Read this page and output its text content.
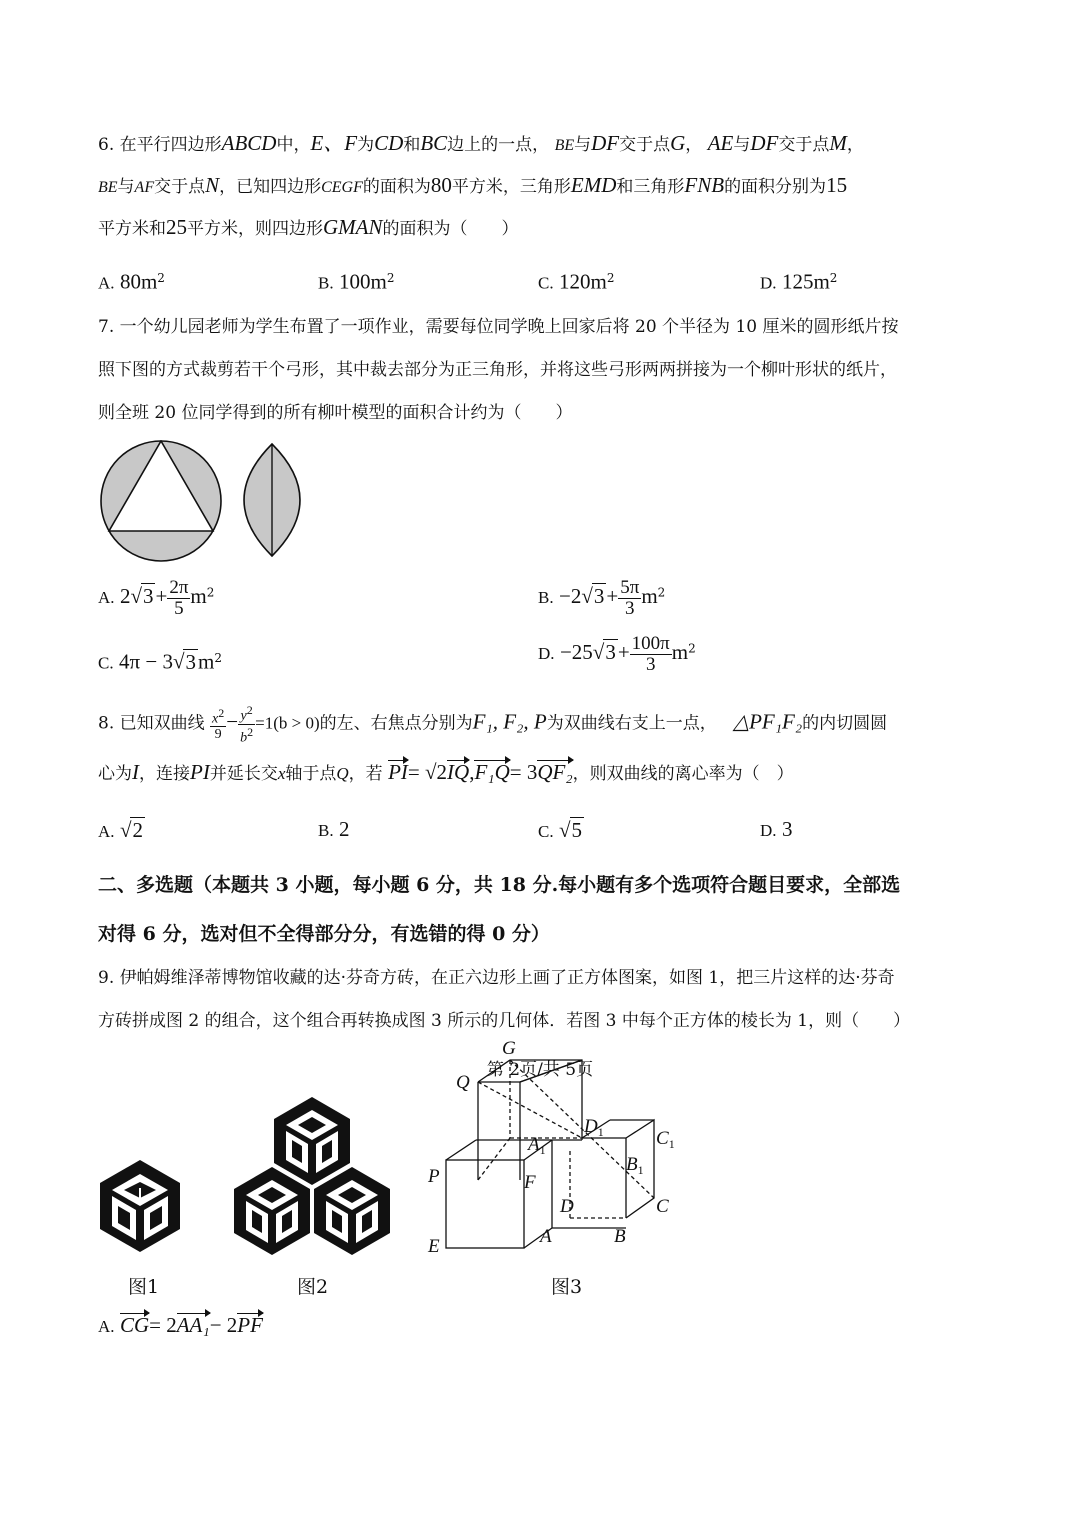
6. 在平行四边形ABCD中，E、F为CD和BC边上的一点， BE与DF交于点G， AE与DF交于点M，
BE与AF交于点N，已知四边形CEGF的面积为80平方米，三角形EMD和三角形FNB的面积分别为15
平方米和25平方米，则四边形GMAN的面积为（　　）
A. $80m^2$	B. $100m^2$	C. $120m^2$	D. $125m^2$
7. 一个幼儿园老师为学生布置了一项作业，需要每位同学晚上回家后将 20 个半径为 10 厘米的圆形纸片按
照下图的方式裁剪若干个弓形，其中裁去部分为正三角形，并将这些弓形两两拼接为一个柳叶形状的纸片，
则全班 20 位同学得到的所有柳叶模型的面积合计约为（　　）
A. $2√3+ \frac{2\pi}{5} m^2$	B. $-2√3+ \frac{5\pi}{3} m^2$
C. $4\pi - 3√3m^2$	D. $-25√3+ \frac{100\pi}{3} m^2$
8. 已知双曲线 $\frac{x^2}{9} - \frac{y^2}{b^2} =1(b > 0)$的左、右焦点分别为F₁, F₂, P为双曲线右支上一点， △PF₁F₂的内切圆圆
心为I，连接PI并延长交x轴于点Q，若 PI= √2IQ,F₁Q= 3QF₂，则双曲线的离心率为（　）
A. √2	B. 2	C. √5	D. 3
二、多选题（本题共 3 小题，每小题 6 分，共 18 分.每小题有多个选项符合题目要求，全部选
对得 6 分，选对但不全得部分分，有选错的得 0 分）
9. 伊帕姆维泽蒂博物馆收藏的达·芬奇方砖，在正六边形上画了正方体图案，如图 1，把三片这样的达·芬奇
方砖拼成图 2 的组合，这个组合再转换成图 3 所示的几何体．若图 3 中每个正方体的棱长为 1，则（　　）
G
Q
$D_1$	$C_1$
$A_1$
$B_1$
P	F
D	C
E	A	B
图1	图2	图3
A. CG= 2AA₁− 2PF
第 2页/共 5页
